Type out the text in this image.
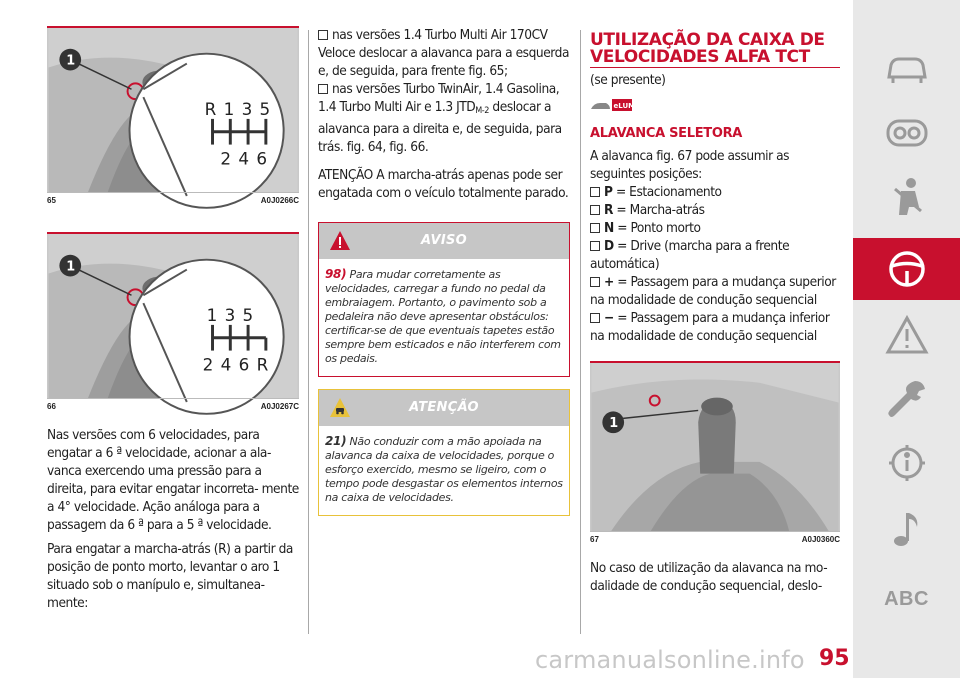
R 1 3 5
2 4 6
1
65	A0J0266C
1 3 5
2 4 6 R
1
66	A0J0267C

Nas versões com 6 velocidades, para engatar a 6 ª velocidade, acionar a ala- vanca exercendo uma pressão para a direita, para evitar engatar incorreta- mente a 4° velocidade. Ação análoga para a passagem da 6 ª para a 5 ª velocidade.

Para engatar a marcha-atrás (R) a partir da posição de ponto morto, levantar o aro 1 situado sob o manípulo e, simultanea- mente:

nas versões 1.4 Turbo Multi Air 170CV Veloce deslocar a alavanca para a esquerda e, de seguida, para frente fig. 65;

nas versões Turbo TwinAir, 1.4 Gasolina, 1.4 Turbo Multi Air e 1.3 $JTD_{M-2}$ deslocar a alavanca para a direita e, de seguida, para trás. fig. 64, fig. 66.

ATENÇÃO A marcha-atrás apenas pode ser engatada com o veículo totalmente parado.

AVISO
98) Para mudar corretamente as velocidades, carregar a fundo no pedal da embraiagem. Portanto, o pavimento sob a pedaleira não deve apresentar obstáculos: certificar-se de que eventuais tapetes estão sempre bem esticados e não interferem com os pedais.
ATENÇÃO
21) Não conduzir com a mão apoiada na alavanca da caixa de velocidades, porque o esforço exercido, mesmo se ligeiro, com o tempo pode desgastar os elementos internos na caixa de velocidades.
UTILIZAÇÃO DA CAIXA DE VELOCIDADES ALFA TCT

(se presente)

eLUM
ALAVANCA SELETORA

A alavanca fig. 67 pode assumir as seguintes posições:

P = Estacionamento

R = Marcha-atrás

N = Ponto morto

D = Drive (marcha para a frente automática)

+ = Passagem para a mudança superior na modalidade de condução sequencial

− = Passagem para a mudança inferior na modalidade de condução sequencial

1
67	A0J0360C

No caso de utilização da alavanca na mo- dalidade de condução sequencial, deslo-

ABC
carmanualsonline.info 95
